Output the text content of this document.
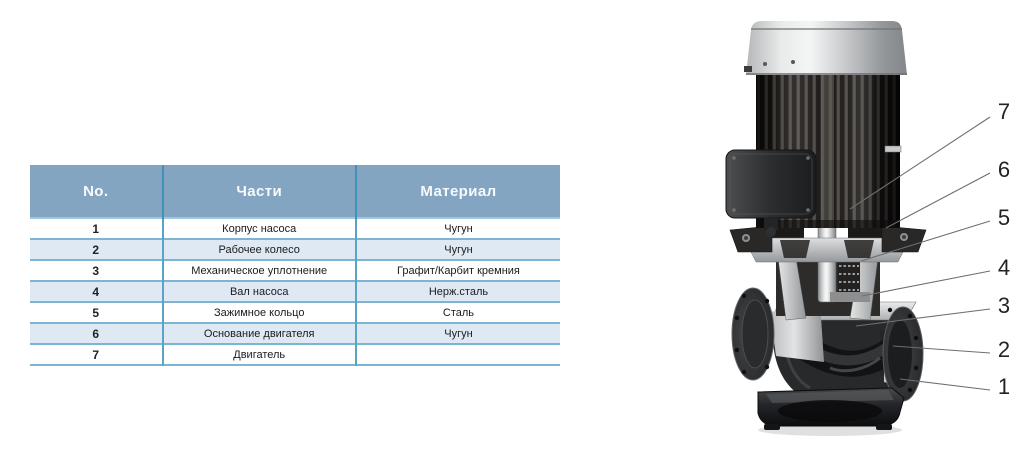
No.	Части	Материал
1	Корпус насоса	Чугун
2	Рабочее колесо	Чугун
3	Механическое уплотнение	Графит/Карбит кремния
4	Вал насоса	Нерж.сталь
5	Зажимное кольцо	Сталь
6	Основание двигателя	Чугун
7	Двигатель	
7
6
5
4
3
2
1
